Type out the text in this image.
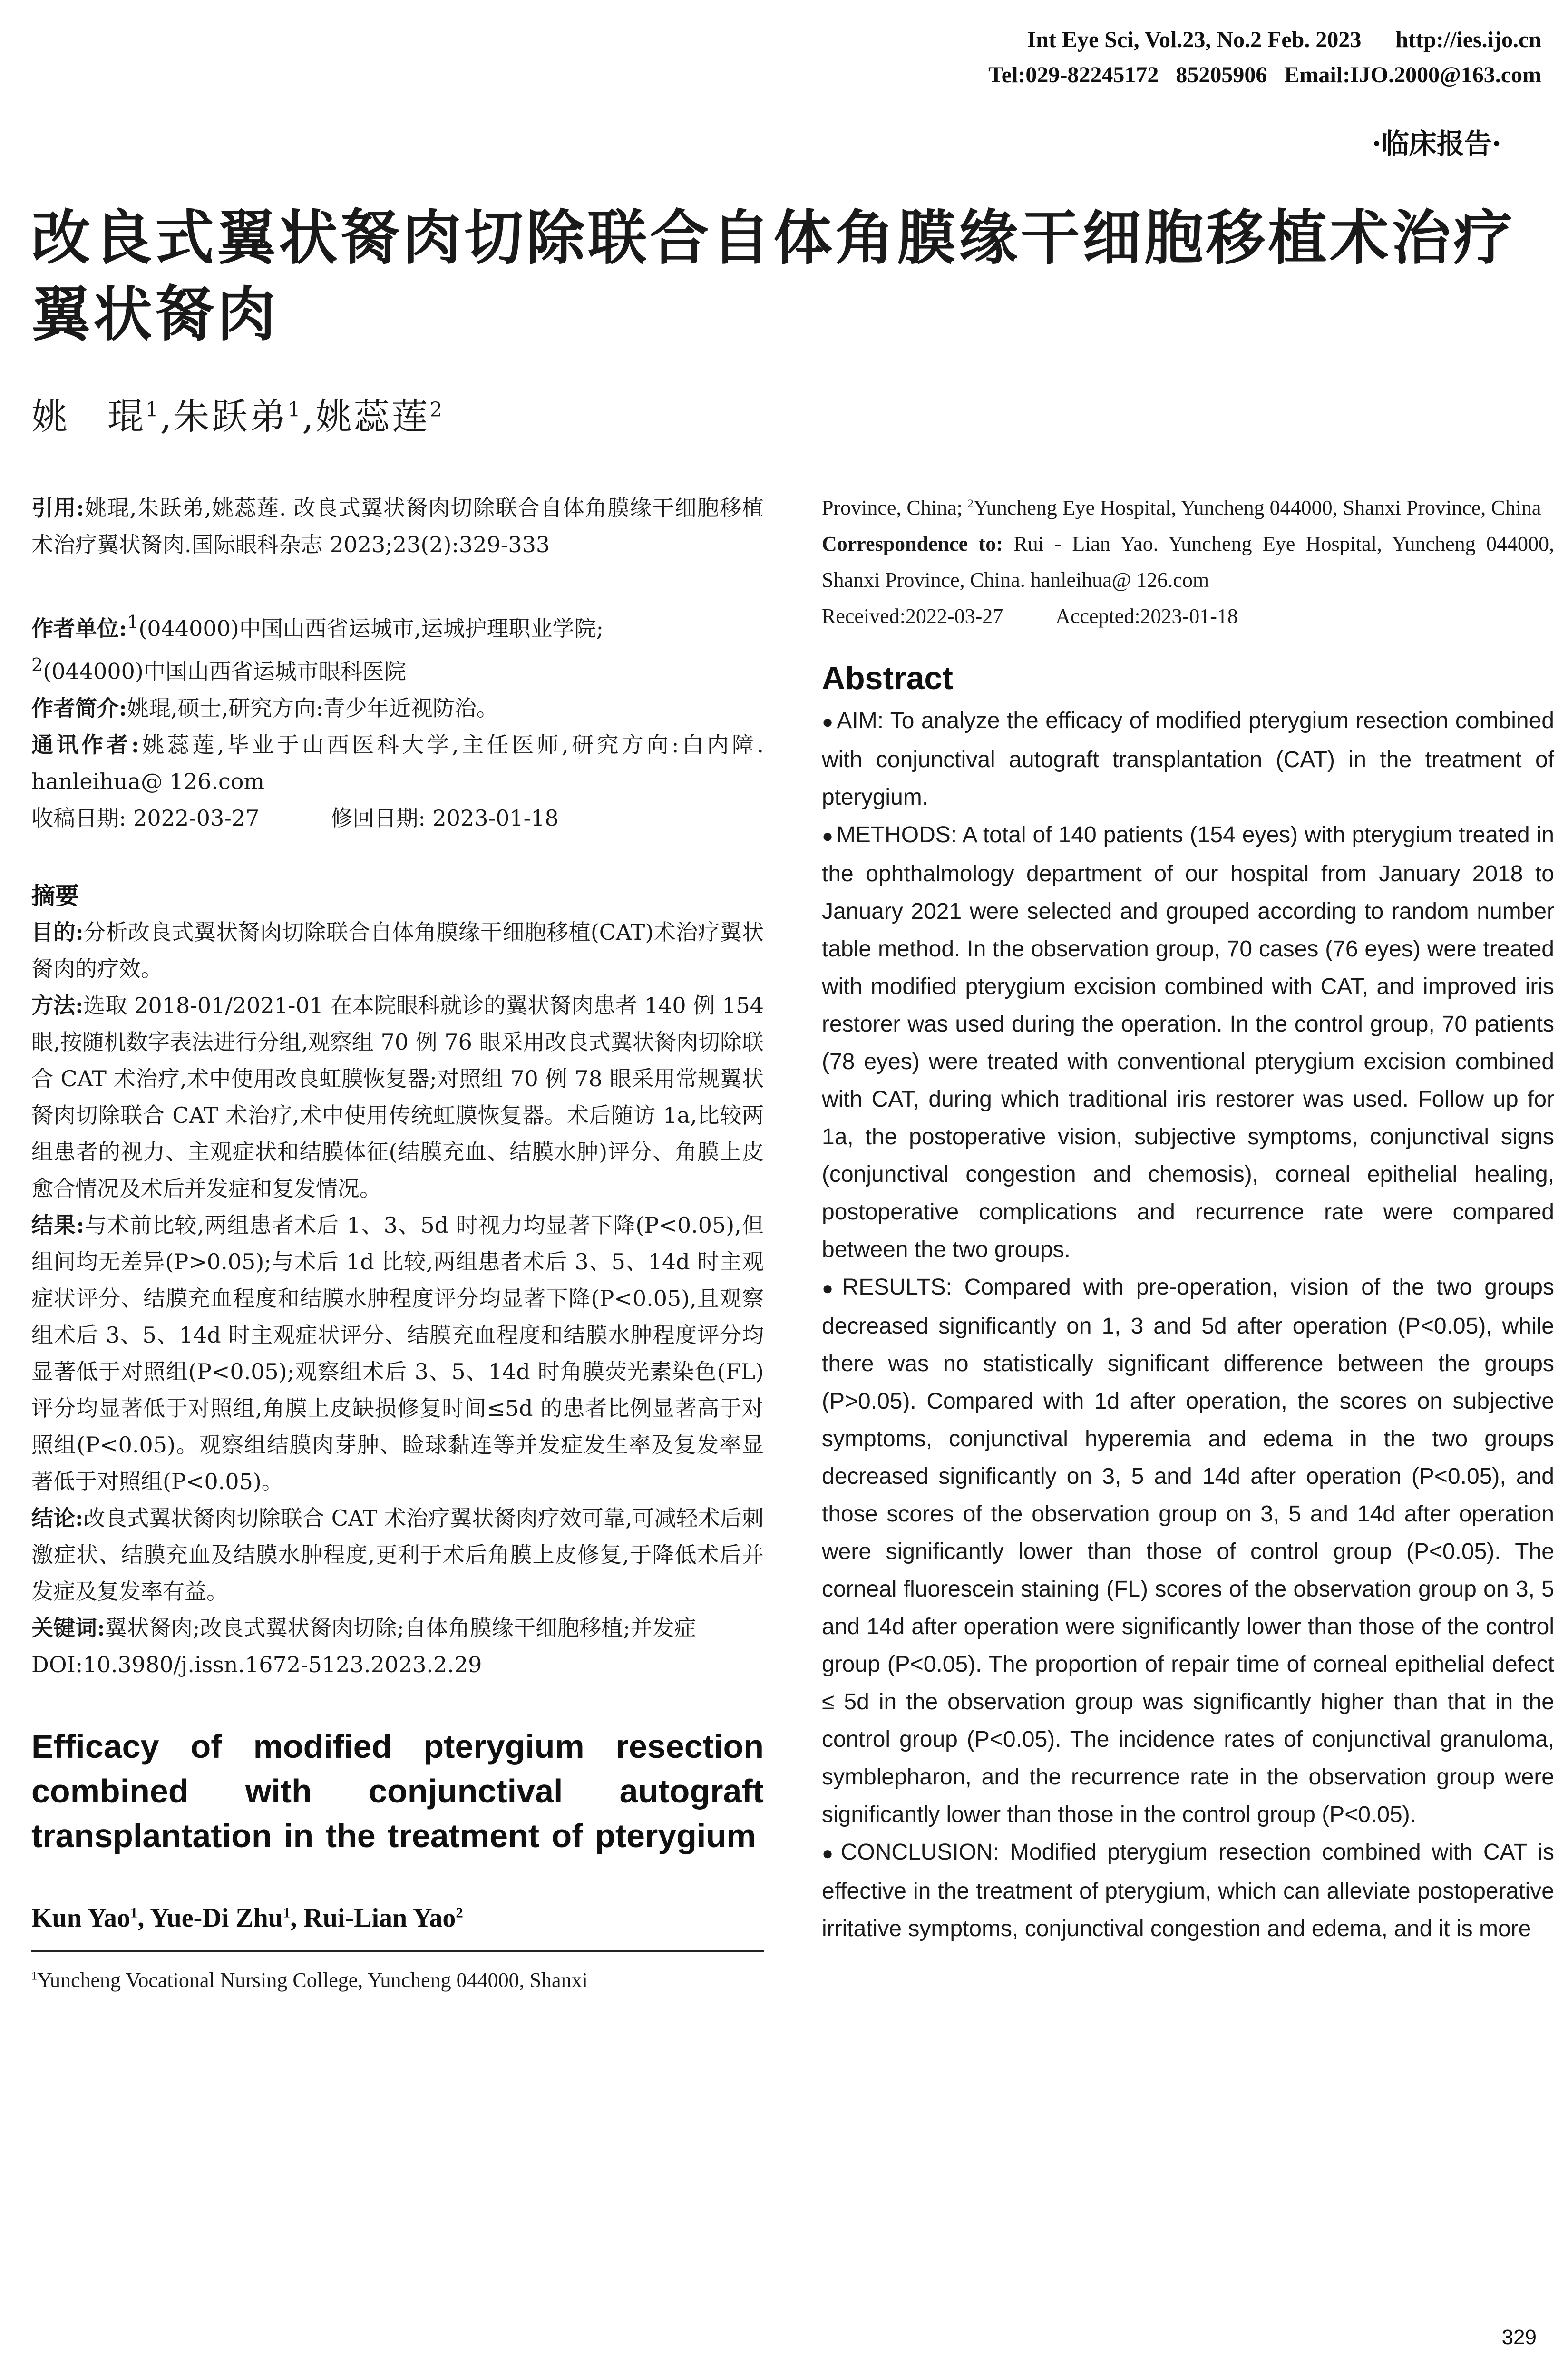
Int Eye Sci, Vol.23, No.2 Feb. 2023      http://ies.ijo.cn
Tel:029-82245172   85205906   Email:IJO.2000@163.com
·临床报告·
改良式翼状胬肉切除联合自体角膜缘干细胞移植术治疗翼状胬肉
姚　琨$^1$,朱跃弟$^1$,姚蕊莲$^2$

引用:姚琨,朱跃弟,姚蕊莲. 改良式翼状胬肉切除联合自体角膜缘干细胞移植术治疗翼状胬肉.国际眼科杂志 2023;23(2):329-333

作者单位:$^1$(044000)中国山西省运城市,运城护理职业学院;
$^2$(044000)中国山西省运城市眼科医院

作者简介:姚琨,硕士,研究方向:青少年近视防治。

通讯作者:姚蕊莲,毕业于山西医科大学,主任医师,研究方向:白内障. hanleihua@ 126.com

收稿日期: 2022-03-27	修回日期: 2023-01-18

摘要

目的:分析改良式翼状胬肉切除联合自体角膜缘干细胞移植(CAT)术治疗翼状胬肉的疗效。

方法:选取 2018-01/2021-01 在本院眼科就诊的翼状胬肉患者 140 例 154 眼,按随机数字表法进行分组,观察组 70 例 76 眼采用改良式翼状胬肉切除联合 CAT 术治疗,术中使用改良虹膜恢复器;对照组 70 例 78 眼采用常规翼状胬肉切除联合 CAT 术治疗,术中使用传统虹膜恢复器。术后随访 1a,比较两组患者的视力、主观症状和结膜体征(结膜充血、结膜水肿)评分、角膜上皮愈合情况及术后并发症和复发情况。

结果:与术前比较,两组患者术后 1、3、5d 时视力均显著下降(P<0.05),但组间均无差异(P>0.05);与术后 1d 比较,两组患者术后 3、5、14d 时主观症状评分、结膜充血程度和结膜水肿程度评分均显著下降(P<0.05),且观察组术后 3、5、14d 时主观症状评分、结膜充血程度和结膜水肿程度评分均显著低于对照组(P<0.05);观察组术后 3、5、14d 时角膜荧光素染色(FL)评分均显著低于对照组,角膜上皮缺损修复时间≤5d 的患者比例显著高于对照组(P<0.05)。观察组结膜肉芽肿、睑球黏连等并发症发生率及复发率显著低于对照组(P<0.05)。

结论:改良式翼状胬肉切除联合 CAT 术治疗翼状胬肉疗效可靠,可减轻术后刺激症状、结膜充血及结膜水肿程度,更利于术后角膜上皮修复,于降低术后并发症及复发率有益。

关键词:翼状胬肉;改良式翼状胬肉切除;自体角膜缘干细胞移植;并发症

DOI:10.3980/j.issn.1672-5123.2023.2.29

Efficacy of modified pterygium resection combined with conjunctival autograft transplantation in the treatment of pterygium

Kun Yao$^1$, Yue-Di Zhu$^1$, Rui-Lian Yao$^2$

$^1$Yuncheng Vocational Nursing College, Yuncheng 044000, Shanxi

Province, China; $^2$Yuncheng Eye Hospital, Yuncheng 044000, Shanxi Province, China

Correspondence to: Rui - Lian Yao. Yuncheng Eye Hospital, Yuncheng 044000, Shanxi Province, China. hanleihua@ 126.com

Received:2022-03-27	Accepted:2023-01-18

Abstract

● AIM: To analyze the efficacy of modified pterygium resection combined with conjunctival autograft transplantation (CAT) in the treatment of pterygium.

● METHODS: A total of 140 patients (154 eyes) with pterygium treated in the ophthalmology department of our hospital from January 2018 to January 2021 were selected and grouped according to random number table method. In the observation group, 70 cases (76 eyes) were treated with modified pterygium excision combined with CAT, and improved iris restorer was used during the operation. In the control group, 70 patients (78 eyes) were treated with conventional pterygium excision combined with CAT, during which traditional iris restorer was used. Follow up for 1a, the postoperative vision, subjective symptoms, conjunctival signs (conjunctival congestion and chemosis), corneal epithelial healing, postoperative complications and recurrence rate were compared between the two groups.

● RESULTS: Compared with pre-operation, vision of the two groups decreased significantly on 1, 3 and 5d after operation (P<0.05), while there was no statistically significant difference between the groups (P>0.05). Compared with 1d after operation, the scores on subjective symptoms, conjunctival hyperemia and edema in the two groups decreased significantly on 3, 5 and 14d after operation (P<0.05), and those scores of the observation group on 3, 5 and 14d after operation were significantly lower than those of control group (P<0.05). The corneal fluorescein staining (FL) scores of the observation group on 3, 5 and 14d after operation were significantly lower than those of the control group (P<0.05). The proportion of repair time of corneal epithelial defect ≤ 5d in the observation group was significantly higher than that in the control group (P<0.05). The incidence rates of conjunctival granuloma, symblepharon, and the recurrence rate in the observation group were significantly lower than those in the control group (P<0.05).

● CONCLUSION: Modified pterygium resection combined with CAT is effective in the treatment of pterygium, which can alleviate postoperative irritative symptoms, conjunctival congestion and edema, and it is more

329
